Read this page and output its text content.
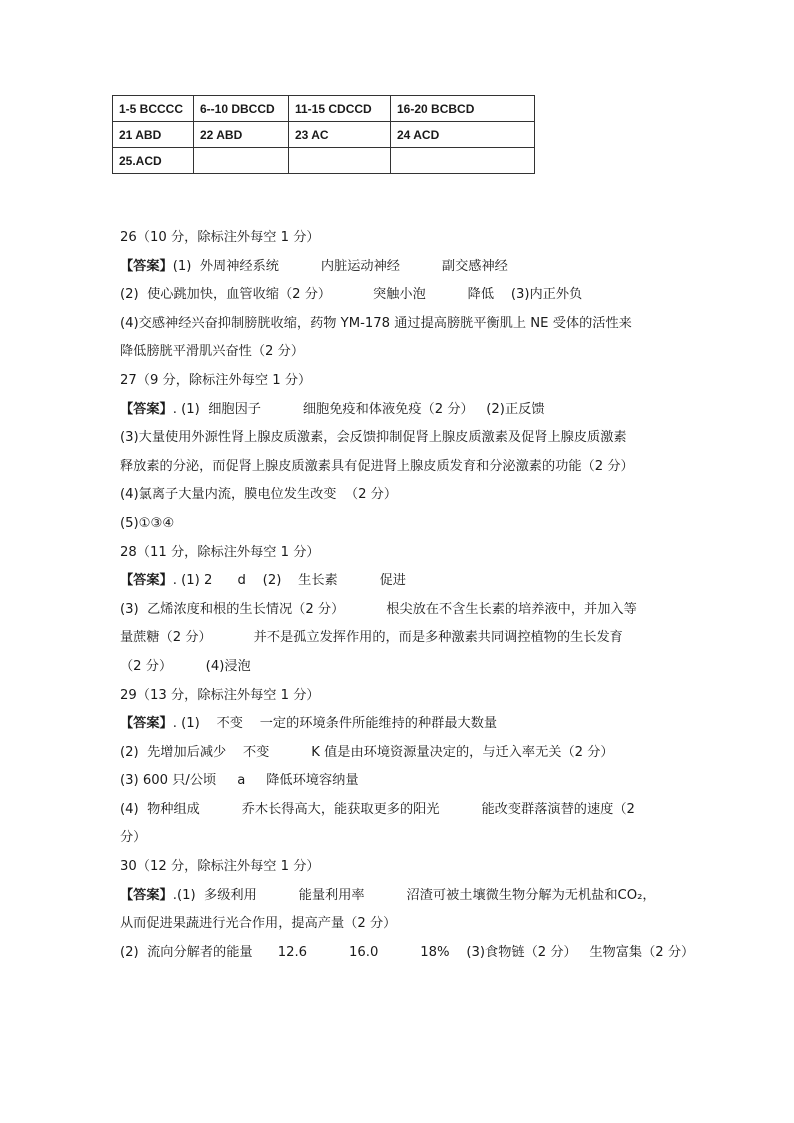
1-5 BCCCC	6--10 DBCCD	11-15 CDCCD	16-20 BCBCD
21 ABD	22 ABD	23 AC	24 ACD
25.ACD			
26（10 分，除标注外每空 1 分）
【答案】(1)  外周神经系统          内脏运动神经          副交感神经
(2)  使心跳加快，血管收缩（2 分）          突触小泡          降低    (3)内正外负
(4)交感神经兴奋抑制膀胱收缩，药物 YM-178 通过提高膀胱平衡肌上 NE 受体的活性来
降低膀胱平滑肌兴奋性（2 分）
27（9 分，除标注外每空 1 分）
【答案】. (1)  细胞因子          细胞免疫和体液免疫（2 分）   (2)正反馈
(3)大量使用外源性肾上腺皮质激素，会反馈抑制促肾上腺皮质激素及促肾上腺皮质激素
释放素的分泌，而促肾上腺皮质激素具有促进肾上腺皮质发育和分泌激素的功能（2 分）
(4)氯离子大量内流，膜电位发生改变  （2 分）
(5)①③④
28（11 分，除标注外每空 1 分）
【答案】. (1) 2      d    (2)    生长素          促进
(3)  乙烯浓度和根的生长情况（2 分）          根尖放在不含生长素的培养液中，并加入等
量蔗糖（2 分）          并不是孤立发挥作用的，而是多种激素共同调控植物的生长发育
（2 分）        (4)浸泡
29（13 分，除标注外每空 1 分）
【答案】. (1)    不变    一定的环境条件所能维持的种群最大数量
(2)  先增加后减少    不变          K 值是由环境资源量决定的，与迁入率无关（2 分）
(3) 600 只/公顷     a     降低环境容纳量
(4)  物种组成          乔木长得高大，能获取更多的阳光          能改变群落演替的速度（2
分）
30（12 分，除标注外每空 1 分）
【答案】.(1)  多级利用          能量利用率          沼渣可被土壤微生物分解为无机盐和CO₂，
从而促进果蔬进行光合作用，提高产量（2 分）
(2)  流向分解者的能量      12.6          16.0          18%    (3)食物链（2 分）   生物富集（2 分）
